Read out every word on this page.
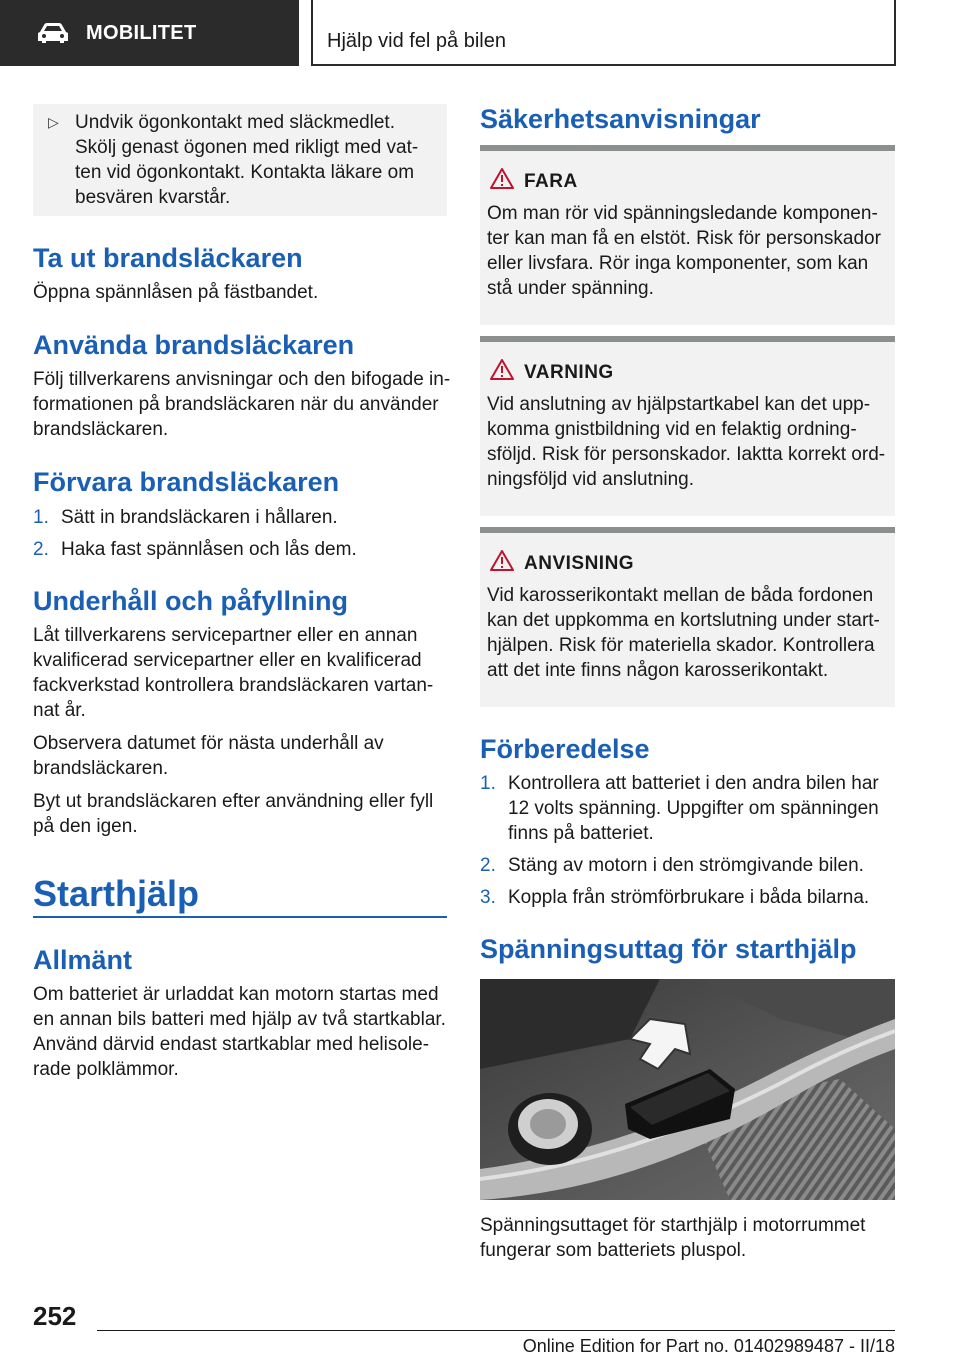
MOBILITET	Hjälp vid fel på bilen
▷ Undvik ögonkontakt med släckmedlet.
Skölj genast ögonen med rikligt med vat-
ten vid ögonkontakt. Kontakta läkare om
besvären kvarstår.
Ta ut brandsläckaren
Öppna spännlåsen på fästbandet.
Använda brandsläckaren
Följ tillverkarens anvisningar och den bifogade in-
formationen på brandsläckaren när du använder
brandsläckaren.
Förvara brandsläckaren
1. Sätt in brandsläckaren i hållaren.
2. Haka fast spännlåsen och lås dem.
Underhåll och påfyllning
Låt tillverkarens servicepartner eller en annan
kvalificerad servicepartner eller en kvalificerad
fackverkstad kontrollera brandsläckaren vartan-
nat år.
Observera datumet för nästa underhåll av
brandsläckaren.
Byt ut brandsläckaren efter användning eller fyll
på den igen.
Starthjälp
Allmänt
Om batteriet är urladdat kan motorn startas med
en annan bils batteri med hjälp av två startkablar.
Använd därvid endast startkablar med helisole-
rade polklämmor.
Säkerhetsanvisningar
FARA
Om man rör vid spänningsledande komponen-
ter kan man få en elstöt. Risk för personskador
eller livsfara. Rör inga komponenter, som kan
stå under spänning.
VARNING
Vid anslutning av hjälpstartkabel kan det upp-
komma gnistbildning vid en felaktig ordning-
sföljd. Risk för personskador. Iaktta korrekt ord-
ningsföljd vid anslutning.
ANVISNING
Vid karosserikontakt mellan de båda fordonen
kan det uppkomma en kortslutning under start-
hjälpen. Risk för materiella skador. Kontrollera
att det inte finns någon karosserikontakt.
Förberedelse
1. Kontrollera att batteriet i den andra bilen har
12 volts spänning. Uppgifter om spänningen
finns på batteriet.
2. Stäng av motorn i den strömgivande bilen.
3. Koppla från strömförbrukare i båda bilarna.
Spänningsuttag för starthjälp
Spänningsuttaget för starthjälp i motorrummet
fungerar som batteriets pluspol.
252
Online Edition for Part no. 01402989487 - II/18
